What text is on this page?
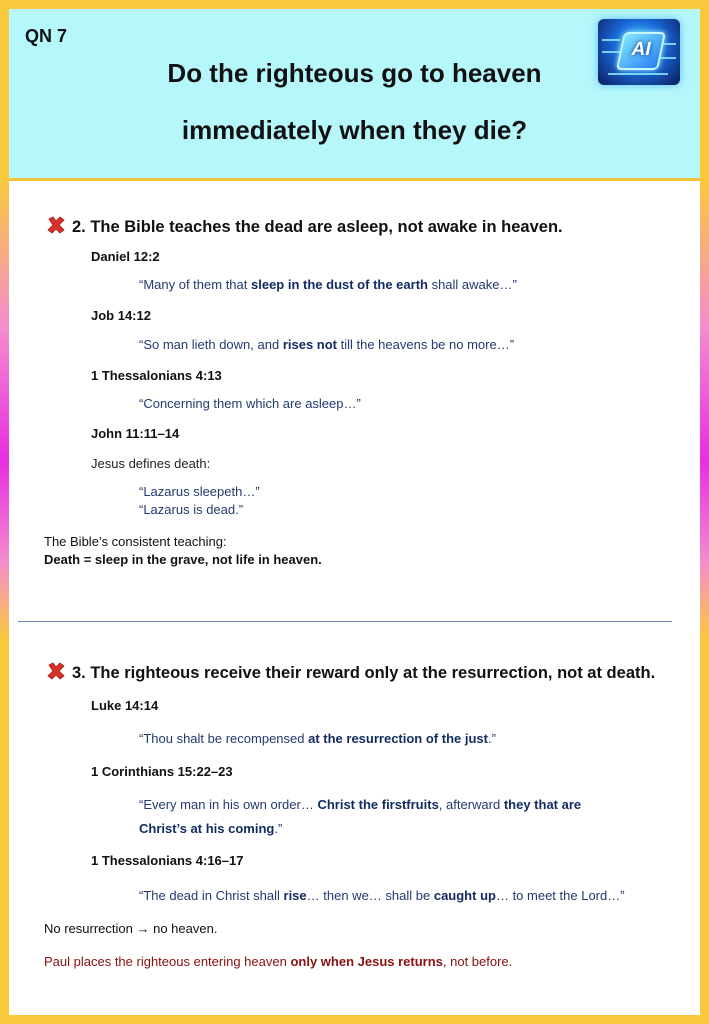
QN 7
Do the righteous go to heaven
immediately when they die?
AI
2. The Bible teaches the dead are asleep, not awake in heaven.
Daniel 12:2
“Many of them that sleep in the dust of the earth shall awake…”
Job 14:12
“So man lieth down, and rises not till the heavens be no more…”
1 Thessalonians 4:13
“Concerning them which are asleep…”
John 11:11–14
Jesus defines death:
“Lazarus sleepeth…”
“Lazarus is dead.”
The Bible’s consistent teaching:
Death = sleep in the grave, not life in heaven.
3. The righteous receive their reward only at the resurrection, not at death.
Luke 14:14
“Thou shalt be recompensed at the resurrection of the just.”
1 Corinthians 15:22–23
“Every man in his own order… Christ the firstfruits, afterward they that are
Christ’s at his coming.”
1 Thessalonians 4:16–17
“The dead in Christ shall rise… then we… shall be caught up… to meet the Lord…”
No resurrection → no heaven.
Paul places the righteous entering heaven only when Jesus returns, not before.
